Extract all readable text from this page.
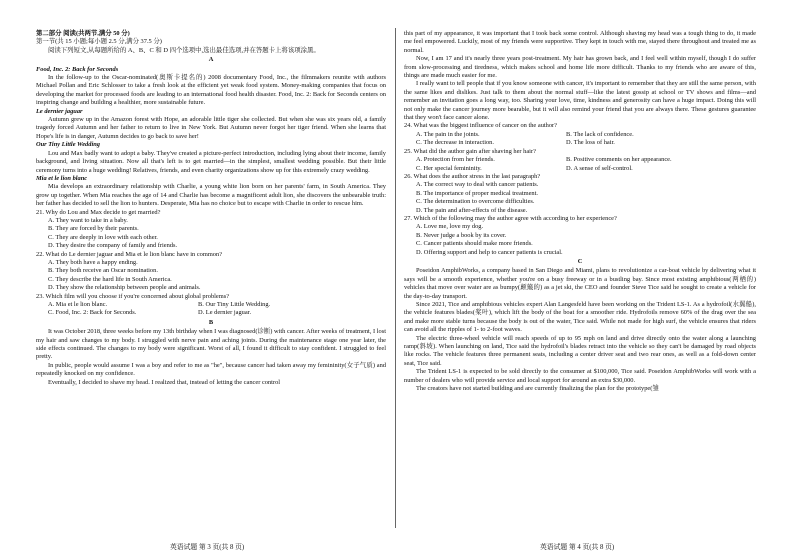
第二部分 阅读(共两节,满分 50 分)

第一节(共 15 小题;每小题 2.5 分,满分 37.5 分)

阅读下列短文,从每题所给的 A、B、C 和 D 四个选项中,选出最佳选项,并在答题卡上将该项涂黑。

A

Food, Inc. 2: Back for Seconds

In the follow-up to the Oscar-nominated(奥斯卡提名的) 2008 documentary Food, Inc., the filmmakers reunite with authors Michael Pollan and Eric Schlosser to take a fresh look at the efficient yet weak food system. Money-making companies that focus on developing the market for processed foods are leading to an international food health disaster. Food, Inc. 2: Back for Seconds centers on inspiring change and building a healthier, more sustainable future.

Le dernier jaguar

Autumn grew up in the Amazon forest with Hope, an adorable little tiger she collected. But when she was six years old, a family tragedy forced Autumn and her father to return to live in New York. But Autumn never forgot her tiger friend. When she learns that Hope's life is in danger, Autumn decides to go back to save her!

Our Tiny Little Wedding

Lou and Max badly want to adopt a baby. They've created a picture-perfect introduction, including lying about their income, family background, and living situation. Now all that's left is to get married—in the simplest, smallest wedding possible. But their little ceremony turns into a huge wedding! Relatives, friends, and even charity organizations show up for this extremely crazy wedding.

Mia et le lion blanc

Mia develops an extraordinary relationship with Charlie, a young white lion born on her parents' farm, in South America. They grow up together. When Mia reaches the age of 14 and Charlie has become a magnificent adult lion, she discovers the unbearable truth: her father has decided to sell the lion to hunters. Desperate, Mia has no choice but to escape with Charlie in order to rescue him.

21. Why do Lou and Max decide to get married?

A. They want to take in a baby.

B. They are forced by their parents.

C. They are deeply in love with each other.

D. They desire the company of family and friends.

22. What do Le dernier jaguar and Mia et le lion blanc have in common?

A. They both have a happy ending.

B. They both receive an Oscar nomination.

C. They describe the hard life in South America.

D. They show the relationship between people and animals.

23. Which film will you choose if you're concerned about global problems?

A. Mia et le lion blanc.	B. Our Tiny Little Wedding.
C. Food, Inc. 2: Back for Seconds.	D. Le dernier jaguar.

B

It was October 2018, three weeks before my 13th birthday when I was diagnosed(诊断) with cancer. After weeks of treatment, I lost my hair and saw changes to my body. I struggled with nerve pain and aching joints. During the maintenance stage one year later, the side effects continued. The changes to my body were significant. Worst of all, I found it difficult to stay confident. I struggled to feel pretty.

In public, people would assume I was a boy and refer to me as "he", because cancer had taken away my femininity(女子气质) and repeatedly knocked on my confidence.

Eventually, I decided to shave my head. I realized that, instead of letting the cancer control

this part of my appearance, it was important that I took back some control. Although shaving my head was a tough thing to do, it made me feel empowered. Luckily, most of my friends were supportive. They kept in touch with me, stayed there throughout and treated me as normal.

Now, I am 17 and it's nearly three years post-treatment. My hair has grown back, and I feel well within myself, though I do suffer from slow-processing and tiredness, which makes school and home life more difficult. Thanks to my friends who are aware of this, things are made much easier for me.

I really want to tell people that if you know someone with cancer, it's important to remember that they are still the same person, with the same likes and dislikes. Just talk to them about the normal stuff—like the latest gossip at school or TV shows and films—and remember an invitation goes a long way, too. Sharing your love, time, kindness and generosity can have a huge impact. Doing this will not only make the cancer journey more bearable, but it will also remind your friend that you are always there. These gestures guarantee that they won't face cancer alone.

24. What was the biggest influence of cancer on the author?

A. The pain in the joints.	B. The lack of confidence.
C. The decrease in interaction.	D. The loss of hair.

25. What did the author gain after shaving her hair?

A. Protection from her friends.	B. Positive comments on her appearance.
C. Her special femininity.	D. A sense of self-control.

26. What does the author stress in the last paragraph?

A. The correct way to deal with cancer patients.

B. The importance of proper medical treatment.

C. The determination to overcome difficulties.

D. The pain and after-effects of the disease.

27. Which of the following may the author agree with according to her experience?

A. Love me, love my dog.

B. Never judge a book by its cover.

C. Cancer patients should make more friends.

D. Offering support and help to cancer patients is crucial.

C

Poseidon AmphibWorks, a company based in San Diego and Miami, plans to revolutionize a car-boat vehicle by delivering what it says will be a smooth experience, whether you're on a busy freeway or in a bustling bay. Since most existing amphibious(两栖的) vehicles that move over water are as bumpy(颠簸的) as a jet ski, the CEO and founder Steve Tice said he sought to create a vehicle for the day-to-day transport.

Since 2021, Tice and amphibious vehicles expert Alan Langesfeld have been working on the Trident LS-1. As a hydrofoil(水翼船), the vehicle features blades(桨叶), which lift the body of the boat for a smoother ride. Hydrofoils remove 60% of the drag over the sea and make more stable turns because the body is out of the water, Tice said. While not made for high surf, the vehicle ensures that riders can avoid all the ripples of 1- to 2-foot waves.

The electric three-wheel vehicle will reach speeds of up to 95 mph on land and drive directly onto the water along a launching ramp(斜坡). When launching on land, Tice said the hydrofoil's blades retract into the vehicle so they can't be damaged by road objects like rocks. The vehicle features three permanent seats, including a center driver seat and two rear ones, as well as a fold-down center seat, Tice said.

The Trident LS-1 is expected to be sold directly to the consumer at $100,000, Tice said. Poseidon AmphibWorks will work with a number of dealers who will provide service and local support for around an extra $30,000.

The creators have not started building and are currently finalizing the plan for the prototype(雏

英语试题 第 3 页(共 8 页)	英语试题 第 4 页(共 8 页)
